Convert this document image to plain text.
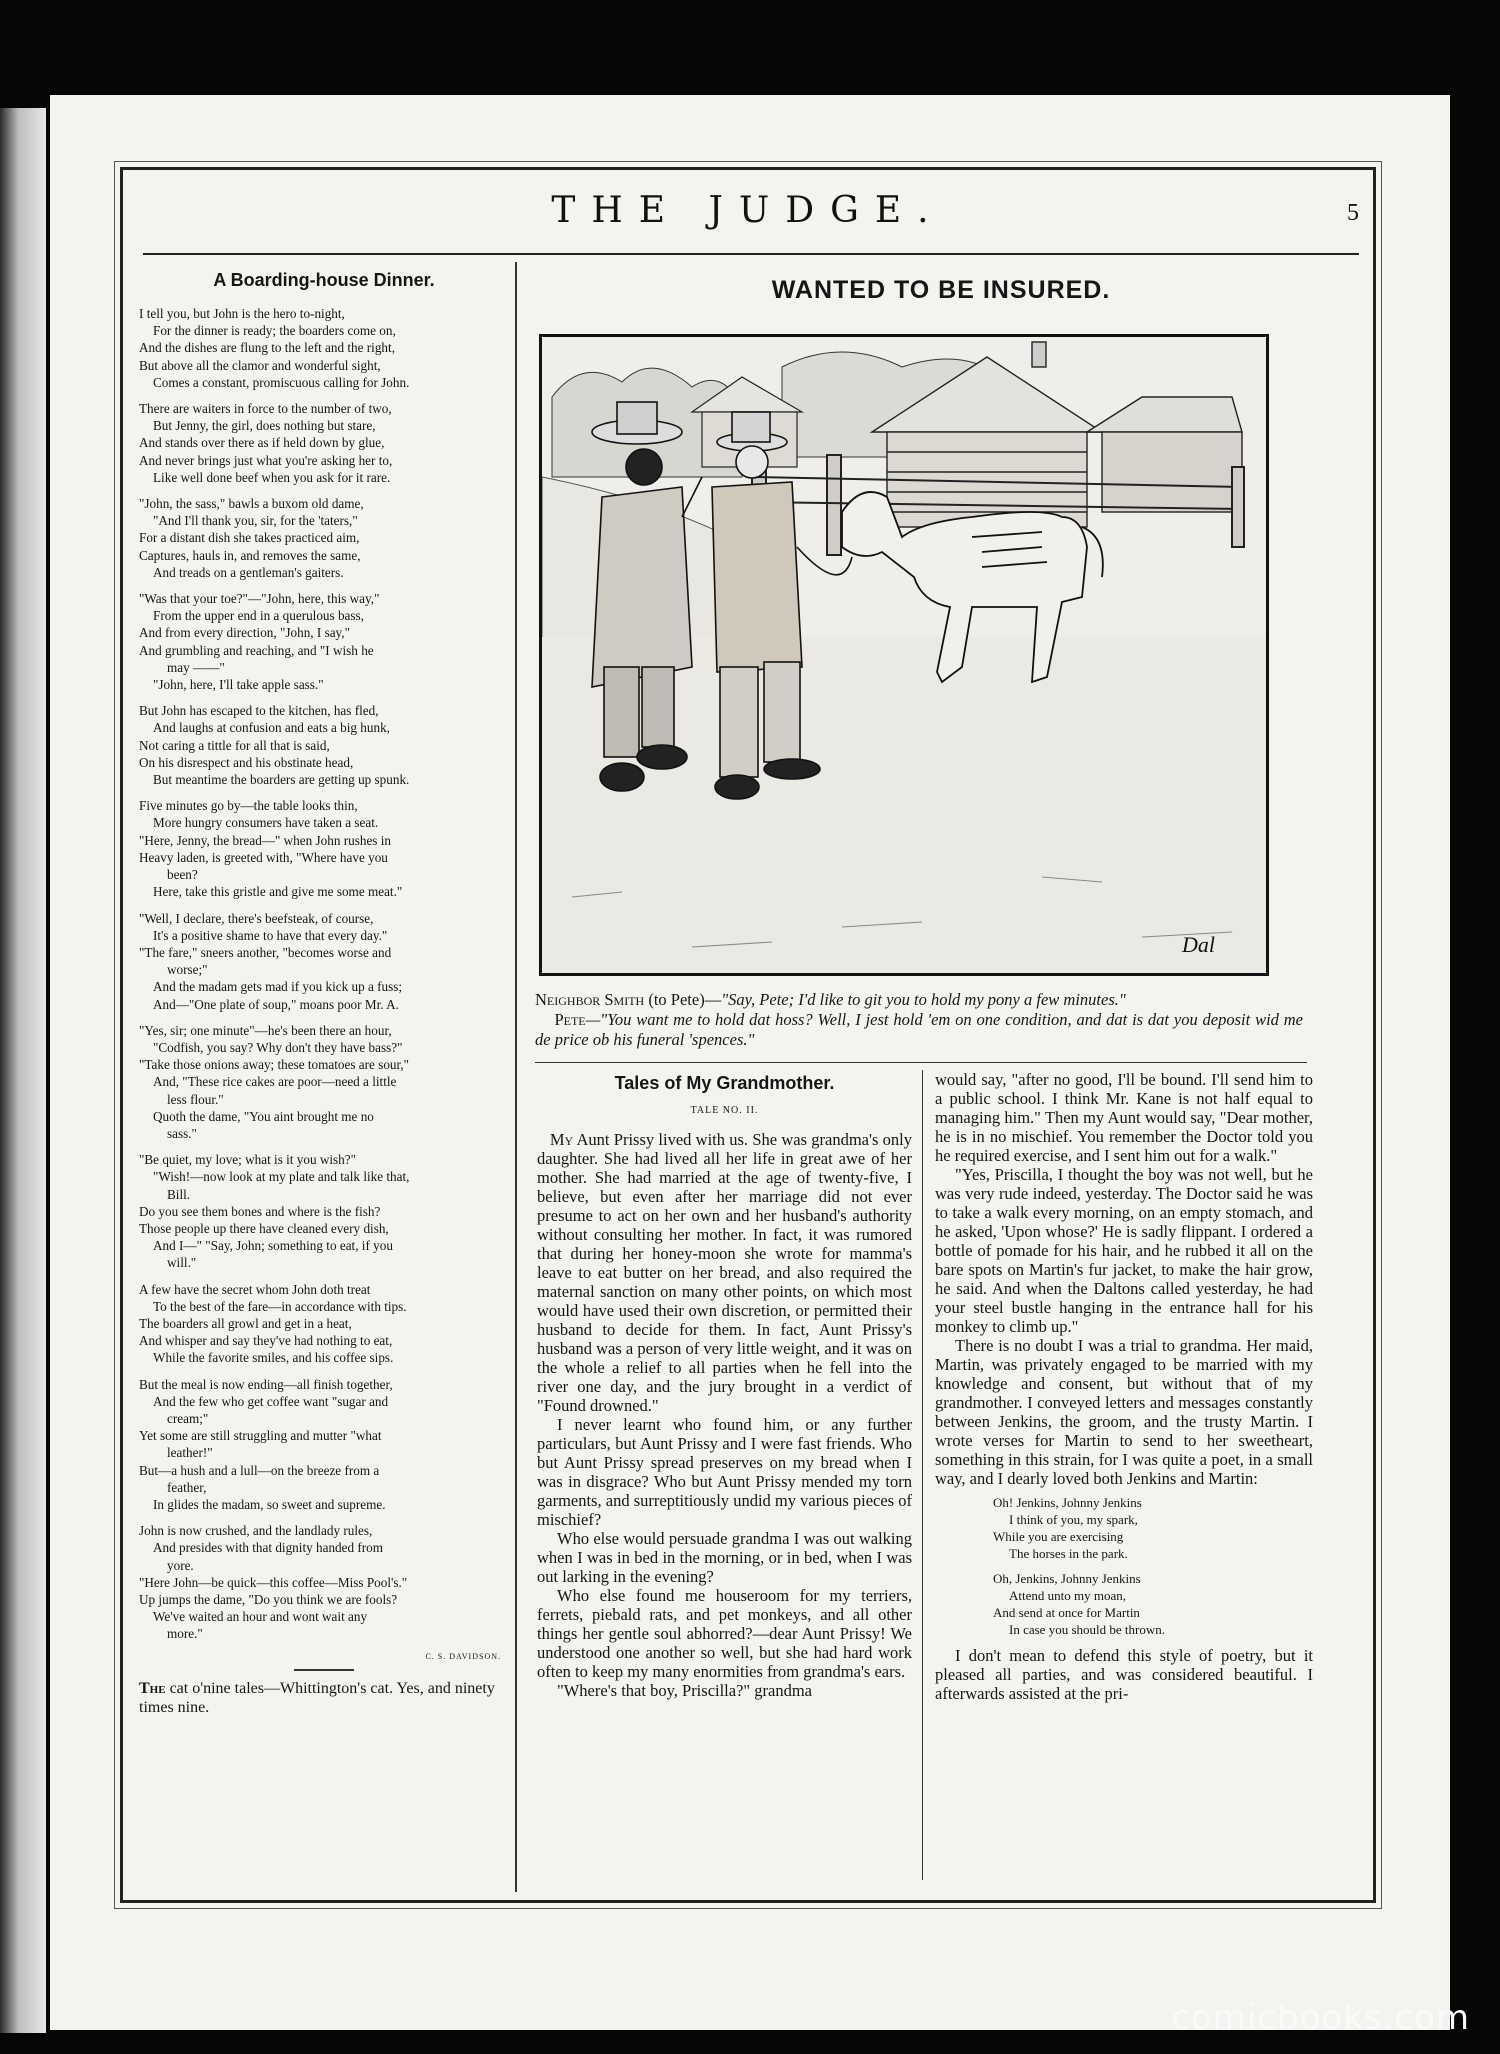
THE JUDGE.	5
A Boarding-house Dinner.
I tell you, but John is the hero to-night,
For the dinner is ready; the boarders come on,
And the dishes are flung to the left and the right,
But above all the clamor and wonderful sight,
Comes a constant, promiscuous calling for John.
There are waiters in force to the number of two,
But Jenny, the girl, does nothing but stare,
And stands over there as if held down by glue,
And never brings just what you're asking her to,
Like well done beef when you ask for it rare.
"John, the sass," bawls a buxom old dame,
"And I'll thank you, sir, for the 'taters,"
For a distant dish she takes practiced aim,
Captures, hauls in, and removes the same,
And treads on a gentleman's gaiters.
"Was that your toe?"—"John, here, this way,"
From the upper end in a querulous bass,
And from every direction, "John, I say,"
And grumbling and reaching, and "I wish he
may ——"
"John, here, I'll take apple sass."
But John has escaped to the kitchen, has fled,
And laughs at confusion and eats a big hunk,
Not caring a tittle for all that is said,
On his disrespect and his obstinate head,
But meantime the boarders are getting up spunk.
Five minutes go by—the table looks thin,
More hungry consumers have taken a seat.
"Here, Jenny, the bread—" when John rushes in
Heavy laden, is greeted with, "Where have you
been?
Here, take this gristle and give me some meat."
"Well, I declare, there's beefsteak, of course,
It's a positive shame to have that every day."
"The fare," sneers another, "becomes worse and
worse;"
And the madam gets mad if you kick up a fuss;
And—"One plate of soup," moans poor Mr. A.
"Yes, sir; one minute"—he's been there an hour,
"Codfish, you say? Why don't they have bass?"
"Take those onions away; these tomatoes are sour,"
And, "These rice cakes are poor—need a little
less flour."
Quoth the dame, "You aint brought me no
sass."
"Be quiet, my love; what is it you wish?"
"Wish!—now look at my plate and talk like that,
Bill.
Do you see them bones and where is the fish?
Those people up there have cleaned every dish,
And I—" "Say, John; something to eat, if you
will."
A few have the secret whom John doth treat
To the best of the fare—in accordance with tips.
The boarders all growl and get in a heat,
And whisper and say they've had nothing to eat,
While the favorite smiles, and his coffee sips.
But the meal is now ending—all finish together,
And the few who get coffee want "sugar and
cream;"
Yet some are still struggling and mutter "what
leather!"
But—a hush and a lull—on the breeze from a
feather,
In glides the madam, so sweet and supreme.
John is now crushed, and the landlady rules,
And presides with that dignity handed from
yore.
"Here John—be quick—this coffee—Miss Pool's."
Up jumps the dame, "Do you think we are fools?
We've waited an hour and wont wait any
more."
C. S. DAVIDSON.
The cat o'nine tales—Whittington's cat. Yes, and ninety times nine.
WANTED TO BE INSURED.
Dal
Neighbor Smith (to Pete)—"Say, Pete; I'd like to git you to hold my pony a few minutes."
Pete—"You want me to hold dat hoss? Well, I jest hold 'em on one condition, and dat is dat you deposit wid me de price ob his funeral 'spences."
Tales of My Grandmother.
TALE NO. II.

My Aunt Prissy lived with us. She was grandma's only daughter. She had lived all her life in great awe of her mother. She had married at the age of twenty-five, I believe, but even after her marriage did not ever presume to act on her own and her husband's authority without consulting her mother. In fact, it was rumored that during her honey-moon she wrote for mamma's leave to eat butter on her bread, and also required the maternal sanction on many other points, on which most would have used their own discretion, or permitted their husband to decide for them. In fact, Aunt Prissy's husband was a person of very little weight, and it was on the whole a relief to all parties when he fell into the river one day, and the jury brought in a verdict of "Found drowned."

I never learnt who found him, or any further particulars, but Aunt Prissy and I were fast friends. Who but Aunt Prissy spread preserves on my bread when I was in disgrace? Who but Aunt Prissy mended my torn garments, and surreptitiously undid my various pieces of mischief?

Who else would persuade grandma I was out walking when I was in bed in the morning, or in bed, when I was out larking in the evening?

Who else found me houseroom for my terriers, ferrets, piebald rats, and pet monkeys, and all other things her gentle soul abhorred?—dear Aunt Prissy! We understood one another so well, but she had hard work often to keep my many enormities from grandma's ears.

"Where's that boy, Priscilla?" grandma

would say, "after no good, I'll be bound. I'll send him to a public school. I think Mr. Kane is not half equal to managing him." Then my Aunt would say, "Dear mother, he is in no mischief. You remember the Doctor told you he required exercise, and I sent him out for a walk."

"Yes, Priscilla, I thought the boy was not well, but he was very rude indeed, yesterday. The Doctor said he was to take a walk every morning, on an empty stomach, and he asked, 'Upon whose?' He is sadly flippant. I ordered a bottle of pomade for his hair, and he rubbed it all on the bare spots on Martin's fur jacket, to make the hair grow, he said. And when the Daltons called yesterday, he had your steel bustle hanging in the entrance hall for his monkey to climb up."

There is no doubt I was a trial to grandma. Her maid, Martin, was privately engaged to be married with my knowledge and consent, but without that of my grandmother. I conveyed letters and messages constantly between Jenkins, the groom, and the trusty Martin. I wrote verses for Martin to send to her sweetheart, something in this strain, for I was quite a poet, in a small way, and I dearly loved both Jenkins and Martin:

Oh! Jenkins, Johnny Jenkins
I think of you, my spark,
While you are exercising
The horses in the park.
Oh, Jenkins, Johnny Jenkins
Attend unto my moan,
And send at once for Martin
In case you should be thrown.

I don't mean to defend this style of poetry, but it pleased all parties, and was considered beautiful. I afterwards assisted at the pri-

comicbooks.com
